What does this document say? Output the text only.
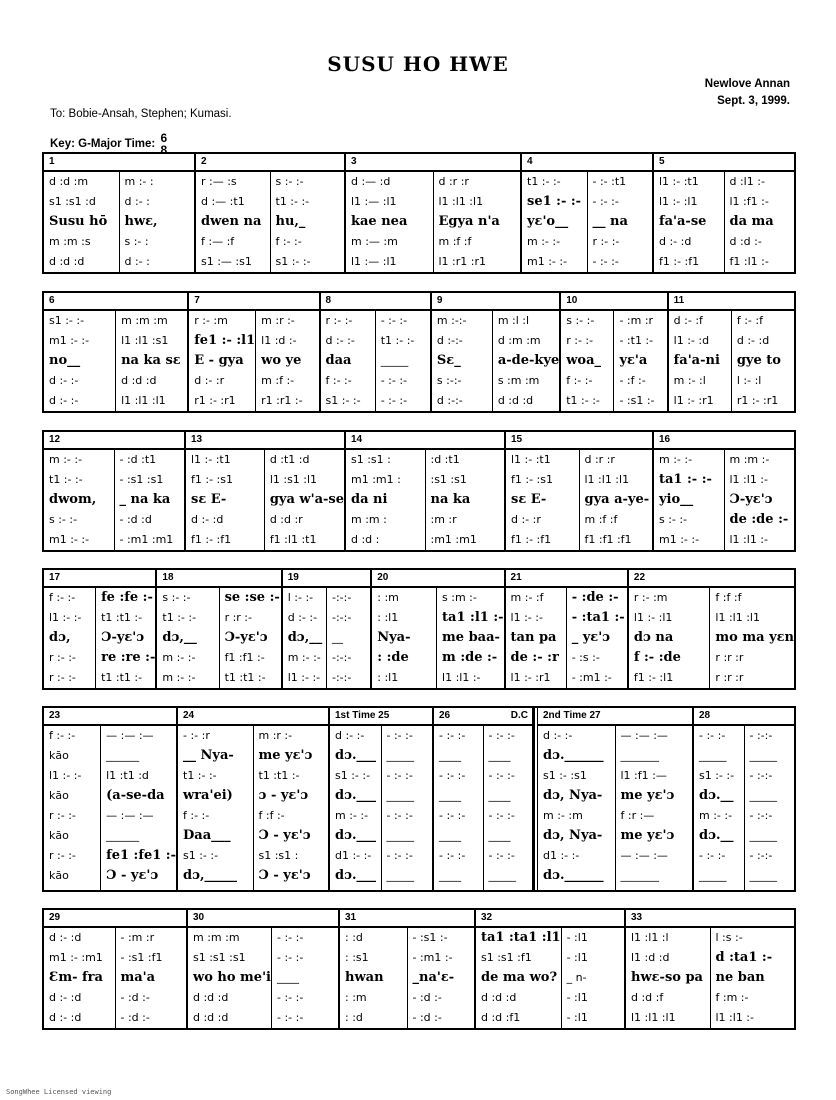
SUSU HO HWE
Newlove Annan
Sept. 3, 1999.
To: Bobie-Ansah, Stephen; Kumasi.
Key: G-Major Time: 6
8
1
d :d :m
s1 :s1 :d
Susu hō
m :m :s
d :d :d
m :- :
d :- :
hwɛ,
s :- :
d :- :
2
r :— :s
d :— :t1
dwen na
f :— :f
s1 :— :s1
s :- :-
t1 :- :-
hu,_
f :- :-
s1 :- :-
3
d :— :d
l1 :— :l1
kae nea
m :— :m
l1 :— :l1
d :r :r
l1 :l1 :l1
Egya n'a
m :f :f
l1 :r1 :r1
4
t1 :- :-
se1 :- :-
yɛ'o__
m :- :-
m1 :- :-
- :- :t1
- :- :-
__ na
r :- :-
- :- :-
5
l1 :- :t1
l1 :- :l1
fa'a-se
d :- :d
f1 :- :f1
d :l1 :-
l1 :f1 :-
da ma
d :d :-
f1 :l1 :-
6
s1 :- :-
m1 :- :-
no__
d :- :-
d :- :-
m :m :m
l1 :l1 :s1
na ka sɛ
d :d :d
l1 :l1 :l1
7
r :- :m
fe1 :- :l1
E - gya
d :- :r
r1 :- :r1
m :r :-
l1 :d :-
wo ye
m :f :-
r1 :r1 :-
8
r :- :-
d :- :-
daa
f :- :-
s1 :- :-
- :- :-
t1 :- :-
_____
- :- :-
- :- :-
9
m :-:-
d :-:-
Sɛ_
s :-:-
d :-:-
m :l :l
d :m :m
a-de-kye
s :m :m
d :d :d
10
s :- :-
r :- :-
woa_
f :- :-
t1 :- :-
- :m :r
- :t1 :-
yɛ'a
- :f :-
- :s1 :-
11
d :- :f
l1 :- :d
fa'a-ni
m :- :l
l1 :- :r1
f :- :f
d :- :d
gye to
l :- :l
r1 :- :r1
12
m :- :-
t1 :- :-
dwom,
s :- :-
m1 :- :-
- :d :t1
- :s1 :s1
_ na ka
- :d :d
- :m1 :m1
13
l1 :- :t1
f1 :- :s1
sɛ E-
d :- :d
f1 :- :f1
d :t1 :d
l1 :s1 :l1
gya w'a-se
d :d :r
f1 :l1 :t1
14
s1 :s1 :
m1 :m1 :
da ni
m :m :
d :d :
:d :t1
:s1 :s1
na ka
:m :r
:m1 :m1
15
l1 :- :t1
f1 :- :s1
sɛ E-
d :- :r
f1 :- :f1
d :r :r
l1 :l1 :l1
gya a-ye-
m :f :f
f1 :f1 :f1
16
m :- :-
ta1 :- :-
yio__
s :- :-
m1 :- :-
m :m :-
l1 :l1 :-
Ɔ-yɛ'ɔ
de :de :-
l1 :l1 :-
17
f :- :-
l1 :- :-
dɔ,
r :- :-
r :- :-
fe :fe :-
t1 :t1 :-
Ɔ-yɛ'ɔ
re :re :-
t1 :t1 :-
18
s :- :-
t1 :- :-
dɔ,__
m :- :-
m :- :-
se :se :-
r :r :-
Ɔ-yɛ'ɔ
f1 :f1 :-
t1 :t1 :-
19
l :- :-
d :- :-
dɔ,__
m :- :-
l1 :- :-
-:-:-
-:-:-
__
-:-:-
-:-:-
20
: :m
: :l1
Nya-
: :de
: :l1
s :m :-
ta1 :l1 :-
me baa-
m :de :-
l1 :l1 :-
21
m :- :f
l1 :- :-
tan pa
de :- :r
l1 :- :r1
- :de :-
- :ta1 :-
_ yɛ'ɔ
- :s :-
- :m1 :-
22
r :- :m
l1 :- :l1
dɔ na
f :- :de
f1 :- :l1
f :f :f
l1 :l1 :l1
mo ma yɛn
r :r :r
r :r :r
23
f :- :-
kāo
l1 :- :-
kāo
r :- :-
kāo
r :- :-
kāo
— :— :—
______
l1 :t1 :d
(a-se-da
— :— :—
______
fe1 :fe1 :-
Ɔ - yɛ'ɔ
24
- :- :r
__ Nya-
t1 :- :-
wra'ei)
f :- :-
Daa___
s1 :- :-
dɔ,_____
m :r :-
me yɛ'ɔ
t1 :t1 :-
ɔ - yɛ'ɔ
f :f :-
Ɔ - yɛ'ɔ
s1 :s1 :
Ɔ - yɛ'ɔ
1st Time 25
d :- :-
dɔ.___
s1 :- :-
dɔ.___
m :- :-
dɔ.___
d1 :- :-
dɔ.___
- :- :-
_____
- :- :-
_____
- :- :-
_____
- :- :-
_____
26	D.C
- :- :-
____
- :- :-
____
- :- :-
____
- :- :-
____
- :- :-
____
- :- :-
____
- :- :-
____
- :- :-
_____
2nd Time 27
d :- :-
dɔ.______
s1 :- :s1
dɔ, Nya-
m :- :m
dɔ, Nya-
d1 :- :-
dɔ.______
— :— :—
_______
l1 :f1 :—
me yɛ'ɔ
f :r :—
me yɛ'ɔ
— :— :—
_______
28
- :- :-
_____
s1 :- :-
dɔ.__
m :- :-
dɔ.__
- :- :-
_____
- :-:-
_____
- :-:-
_____
- :-:-
_____
- :-:-
_____
29
d :- :d
m1 :- :m1
Ɛm- fra
d :- :d
d :- :d
- :m :r
- :s1 :f1
ma'a
- :d :-
- :d :-
30
m :m :m
s1 :s1 :s1
wo ho me'i
d :d :d
d :d :d
- :- :-
- :- :-
____
- :- :-
- :- :-
31
: :d
: :s1
hwan
: :m
: :d
- :s1 :-
- :m1 :-
_na'ɛ-
- :d :-
- :d :-
32
ta1 :ta1 :l1
s1 :s1 :f1
de ma wo?
d :d :d
d :d :f1
- :l1
- :l1
_ n-
- :l1
- :l1
33
l1 :l1 :l
l1 :d :d
hwɛ-so pa
d :d :f
l1 :l1 :l1
l :s :-
d :ta1 :-
ne ban
f :m :-
l1 :l1 :-
SongWhee Licensed viewing
